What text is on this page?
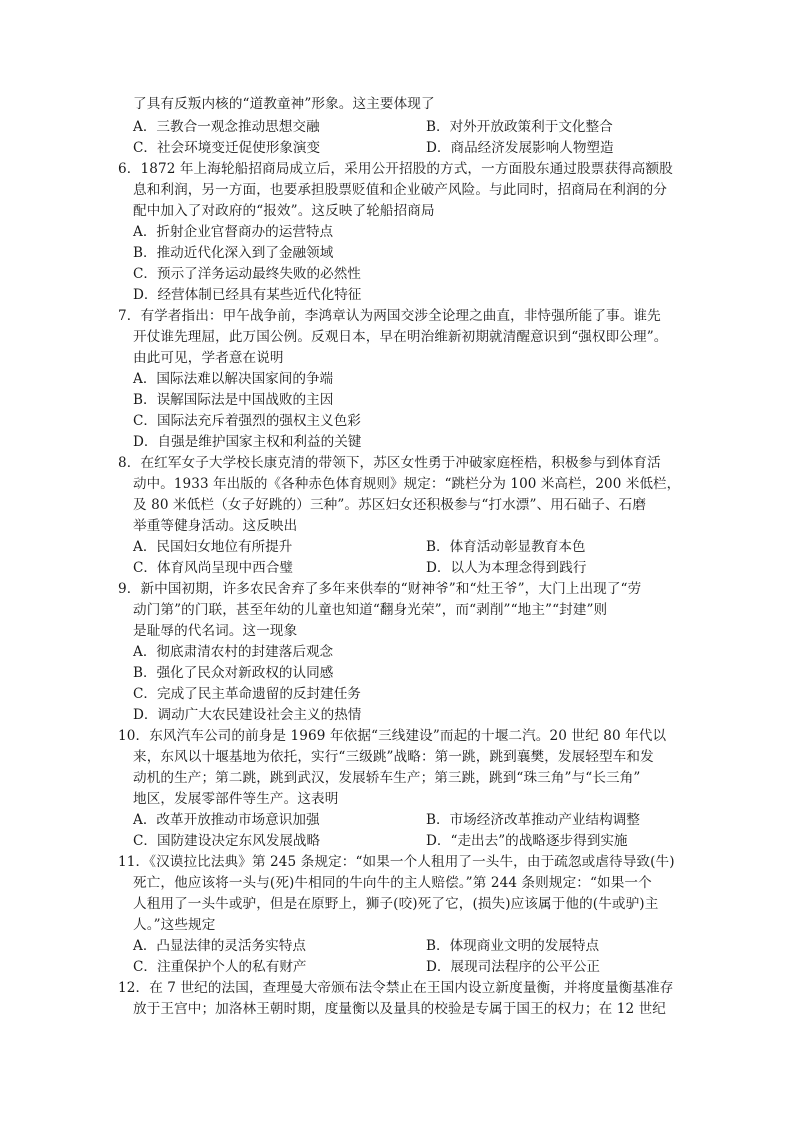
了具有反叛内核的“道教童神”形象。这主要体现了
A．三教合一观念推动思想交融	B．对外开放政策利于文化整合
C．社会环境变迁促使形象演变	D．商品经济发展影响人物塑造
6．1872 年上海轮船招商局成立后，采用公开招股的方式，一方面股东通过股票获得高额股
息和利润，另一方面，也要承担股票贬值和企业破产风险。与此同时，招商局在利润的分
配中加入了对政府的“报效”。这反映了轮船招商局
A．折射企业官督商办的运营特点
B．推动近代化深入到了金融领域
C．预示了洋务运动最终失败的必然性
D．经营体制已经具有某些近代化特征
7．有学者指出：甲午战争前，李鸿章认为两国交涉全论理之曲直，非恃强所能了事。谁先
开仗谁先理屈，此万国公例。反观日本，早在明治维新初期就清醒意识到“强权即公理”。
由此可见，学者意在说明
A．国际法难以解决国家间的争端
B．误解国际法是中国战败的主因
C．国际法充斥着强烈的强权主义色彩
D．自强是维护国家主权和利益的关键
8．在红军女子大学校长康克清的带领下，苏区女性勇于冲破家庭桎梏，积极参与到体育活
动中。1933 年出版的《各种赤色体育规则》规定：“跳栏分为 100 米高栏，200 米低栏，
及 80 米低栏（女子好跳的）三种”。苏区妇女还积极参与“打水漂”、用石础子、石磨
举重等健身活动。这反映出
A．民国妇女地位有所提升	B．体育活动彰显教育本色
C．体育风尚呈现中西合璧	D．以人为本理念得到践行
9．新中国初期，许多农民舍弃了多年来供奉的“财神爷”和“灶王爷”，大门上出现了“劳
动门第”的门联，甚至年幼的儿童也知道“翻身光荣”，而“剥削”“地主”“封建”则
是耻辱的代名词。这一现象
A．彻底肃清农村的封建落后观念
B．强化了民众对新政权的认同感
C．完成了民主革命遗留的反封建任务
D．调动广大农民建设社会主义的热情
10．东风汽车公司的前身是 1969 年依据“三线建设”而起的十堰二汽。20 世纪 80 年代以
来，东风以十堰基地为依托，实行“三级跳”战略：第一跳，跳到襄樊，发展轻型车和发
动机的生产；第二跳，跳到武汉，发展轿车生产；第三跳，跳到“珠三角”与“长三角”
地区，发展零部件等生产。这表明
A．改革开放推动市场意识加强	B．市场经济改革推动产业结构调整
C．国防建设决定东风发展战略	D．“走出去”的战略逐步得到实施
11．《汉谟拉比法典》第 245 条规定：“如果一个人租用了一头牛，由于疏忽或虐待导致(牛)
死亡，他应该将一头与(死)牛相同的牛向牛的主人赔偿。”第 244 条则规定：“如果一个
人租用了一头牛或驴，但是在原野上，狮子(咬)死了它，(损失)应该属于他的(牛或驴)主
人。”这些规定
A．凸显法律的灵活务实特点	B．体现商业文明的发展特点
C．注重保护个人的私有财产	D．展现司法程序的公平公正
12．在 7 世纪的法国，查理曼大帝颁布法令禁止在王国内设立新度量衡，并将度量衡基准存
放于王宫中；加洛林王朝时期，度量衡以及量具的校验是专属于国王的权力；在 12 世纪
